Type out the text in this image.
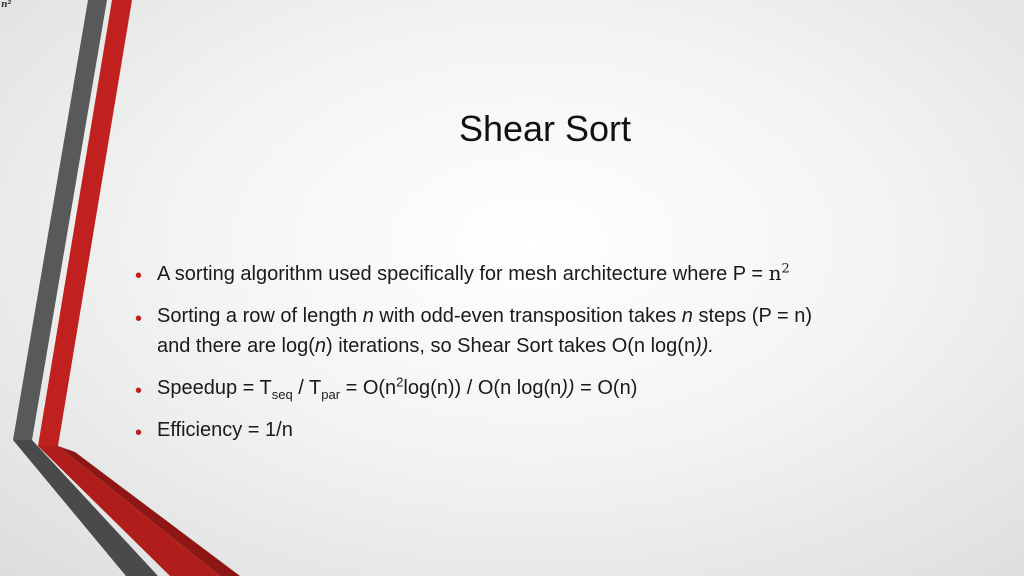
n²
Shear Sort
• A sorting algorithm used specifically for mesh architecture where $P = n^2$
• Sorting a row of length n with odd-even transposition takes n steps (P = n)
and there are log(n) iterations, so Shear Sort takes O(n log(n)).
• Speedup = $T_{seq} / T_{par} = O(n^2\log(n)) / O(n$ log(n)) = O(n)
• Efficiency = 1/n
